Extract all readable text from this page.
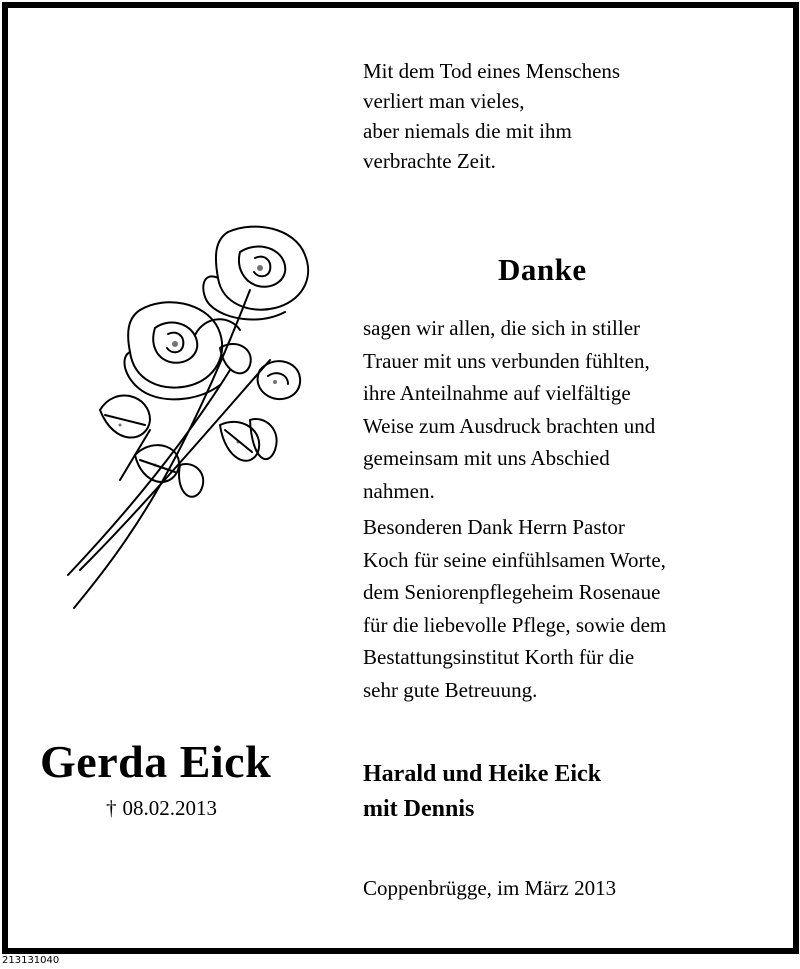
Mit dem Tod eines Menschens
verliert man vieles,
aber niemals die mit ihm
verbrachte Zeit.
Danke
sagen wir allen, die sich in stiller
Trauer mit uns verbunden fühlten,
ihre Anteilnahme auf vielfältige
Weise zum Ausdruck brachten und
gemeinsam mit uns Abschied
nahmen.
Besonderen Dank Herrn Pastor
Koch für seine einfühlsamen Worte,
dem Seniorenpflegeheim Rosenaue
für die liebevolle Pflege, sowie dem
Bestattungsinstitut Korth für die
sehr gute Betreuung.
Gerda Eick
† 08.02.2013
Harald und Heike Eick
mit Dennis
Coppenbrügge, im März 2013
213131040
